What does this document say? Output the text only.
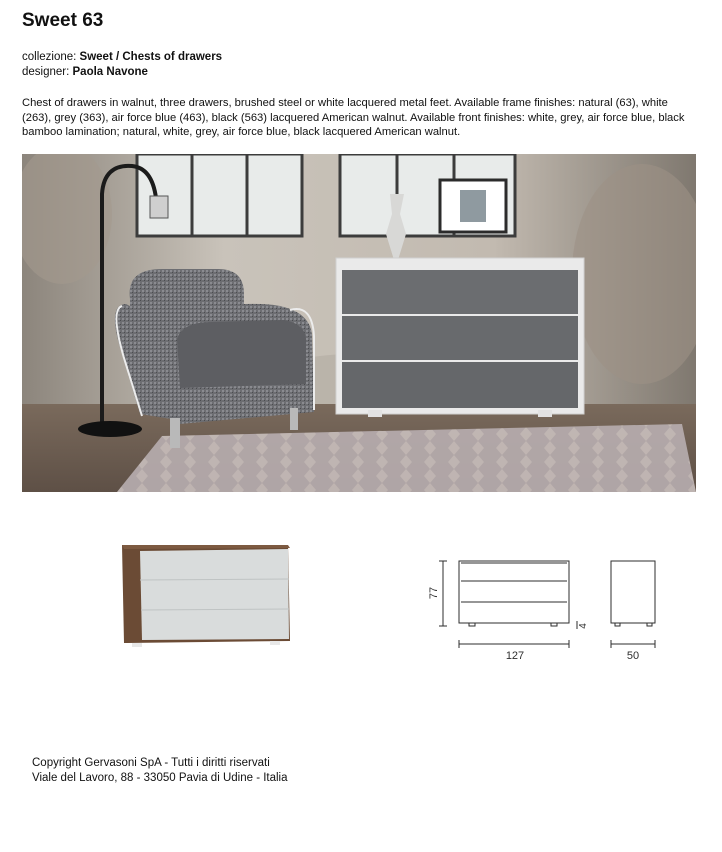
Sweet 63
collezione: Sweet / Chests of drawers
designer: Paola Navone

Chest of drawers in walnut, three drawers, brushed steel or white lacquered metal feet. Available frame finishes: natural (63), white (263), grey (363), air force blue (463), black (563) lacquered American walnut. Available front finishes: white, grey, air force blue, black bamboo lamination; natural, white, grey, air force blue, black lacquered American walnut.

77
4
127	50
Copyright Gervasoni SpA - Tutti i diritti riservati
Viale del Lavoro, 88 - 33050 Pavia di Udine - Italia
